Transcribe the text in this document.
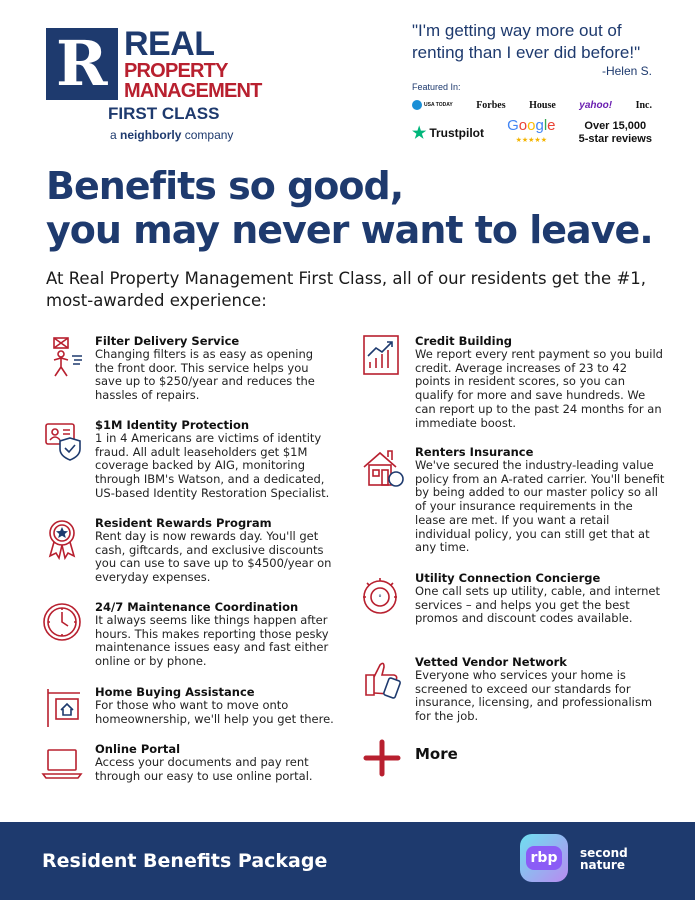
R REAL
PROPERTY
MANAGEMENT
FIRST CLASS
a neighborly company
"I'm getting way more out of renting than I ever did before!"
-Helen S.
Featured In:
USA TODAY Forbes House yahoo! Inc.
★ Trustpilot Google
★★★★★
Over 15,000
5-star reviews
Benefits so good,
you may never want to leave.
At Real Property Management First Class, all of our residents get the #1, most-awarded experience:
Filter Delivery Service
Changing filters is as easy as opening the front door. This service helps you save up to $250/year and reduces the hassles of repairs.
$1M Identity Protection
1 in 4 Americans are victims of identity fraud. All adult leaseholders get $1M coverage backed by AIG, monitoring through IBM's Watson, and a dedicated, US-based Identity Restoration Specialist.
Resident Rewards Program
Rent day is now rewards day. You'll get cash, giftcards, and exclusive discounts you can use to save up to $4500/year on everyday expenses.
24/7 Maintenance Coordination
It always seems like things happen after hours. This makes reporting those pesky maintenance issues easy and fast either online or by phone.
Home Buying Assistance
For those who want to move onto homeownership, we'll help you get there.
Online Portal
Access your documents and pay rent through our easy to use online portal.
Credit Building
We report every rent payment so you build credit. Average increases of 23 to 42 points in resident scores, so you can qualify for more and save hundreds. We can report up to the past 24 months for an immediate boost.
Renters Insurance
We've secured the industry-leading value policy from an A-rated carrier. You'll benefit by being added to our master policy so all of your insurance requirements in the lease are met. If you want a retail individual policy, you can still get that at any time.
°
Utility Connection Concierge
One call sets up utility, cable, and internet services – and helps you get the best promos and discount codes available.
Vetted Vendor Network
Everyone who services your home is screened to exceed our standards for insurance, licensing, and professionalism for the job.
More
Resident Benefits Package	rbp	second
nature
